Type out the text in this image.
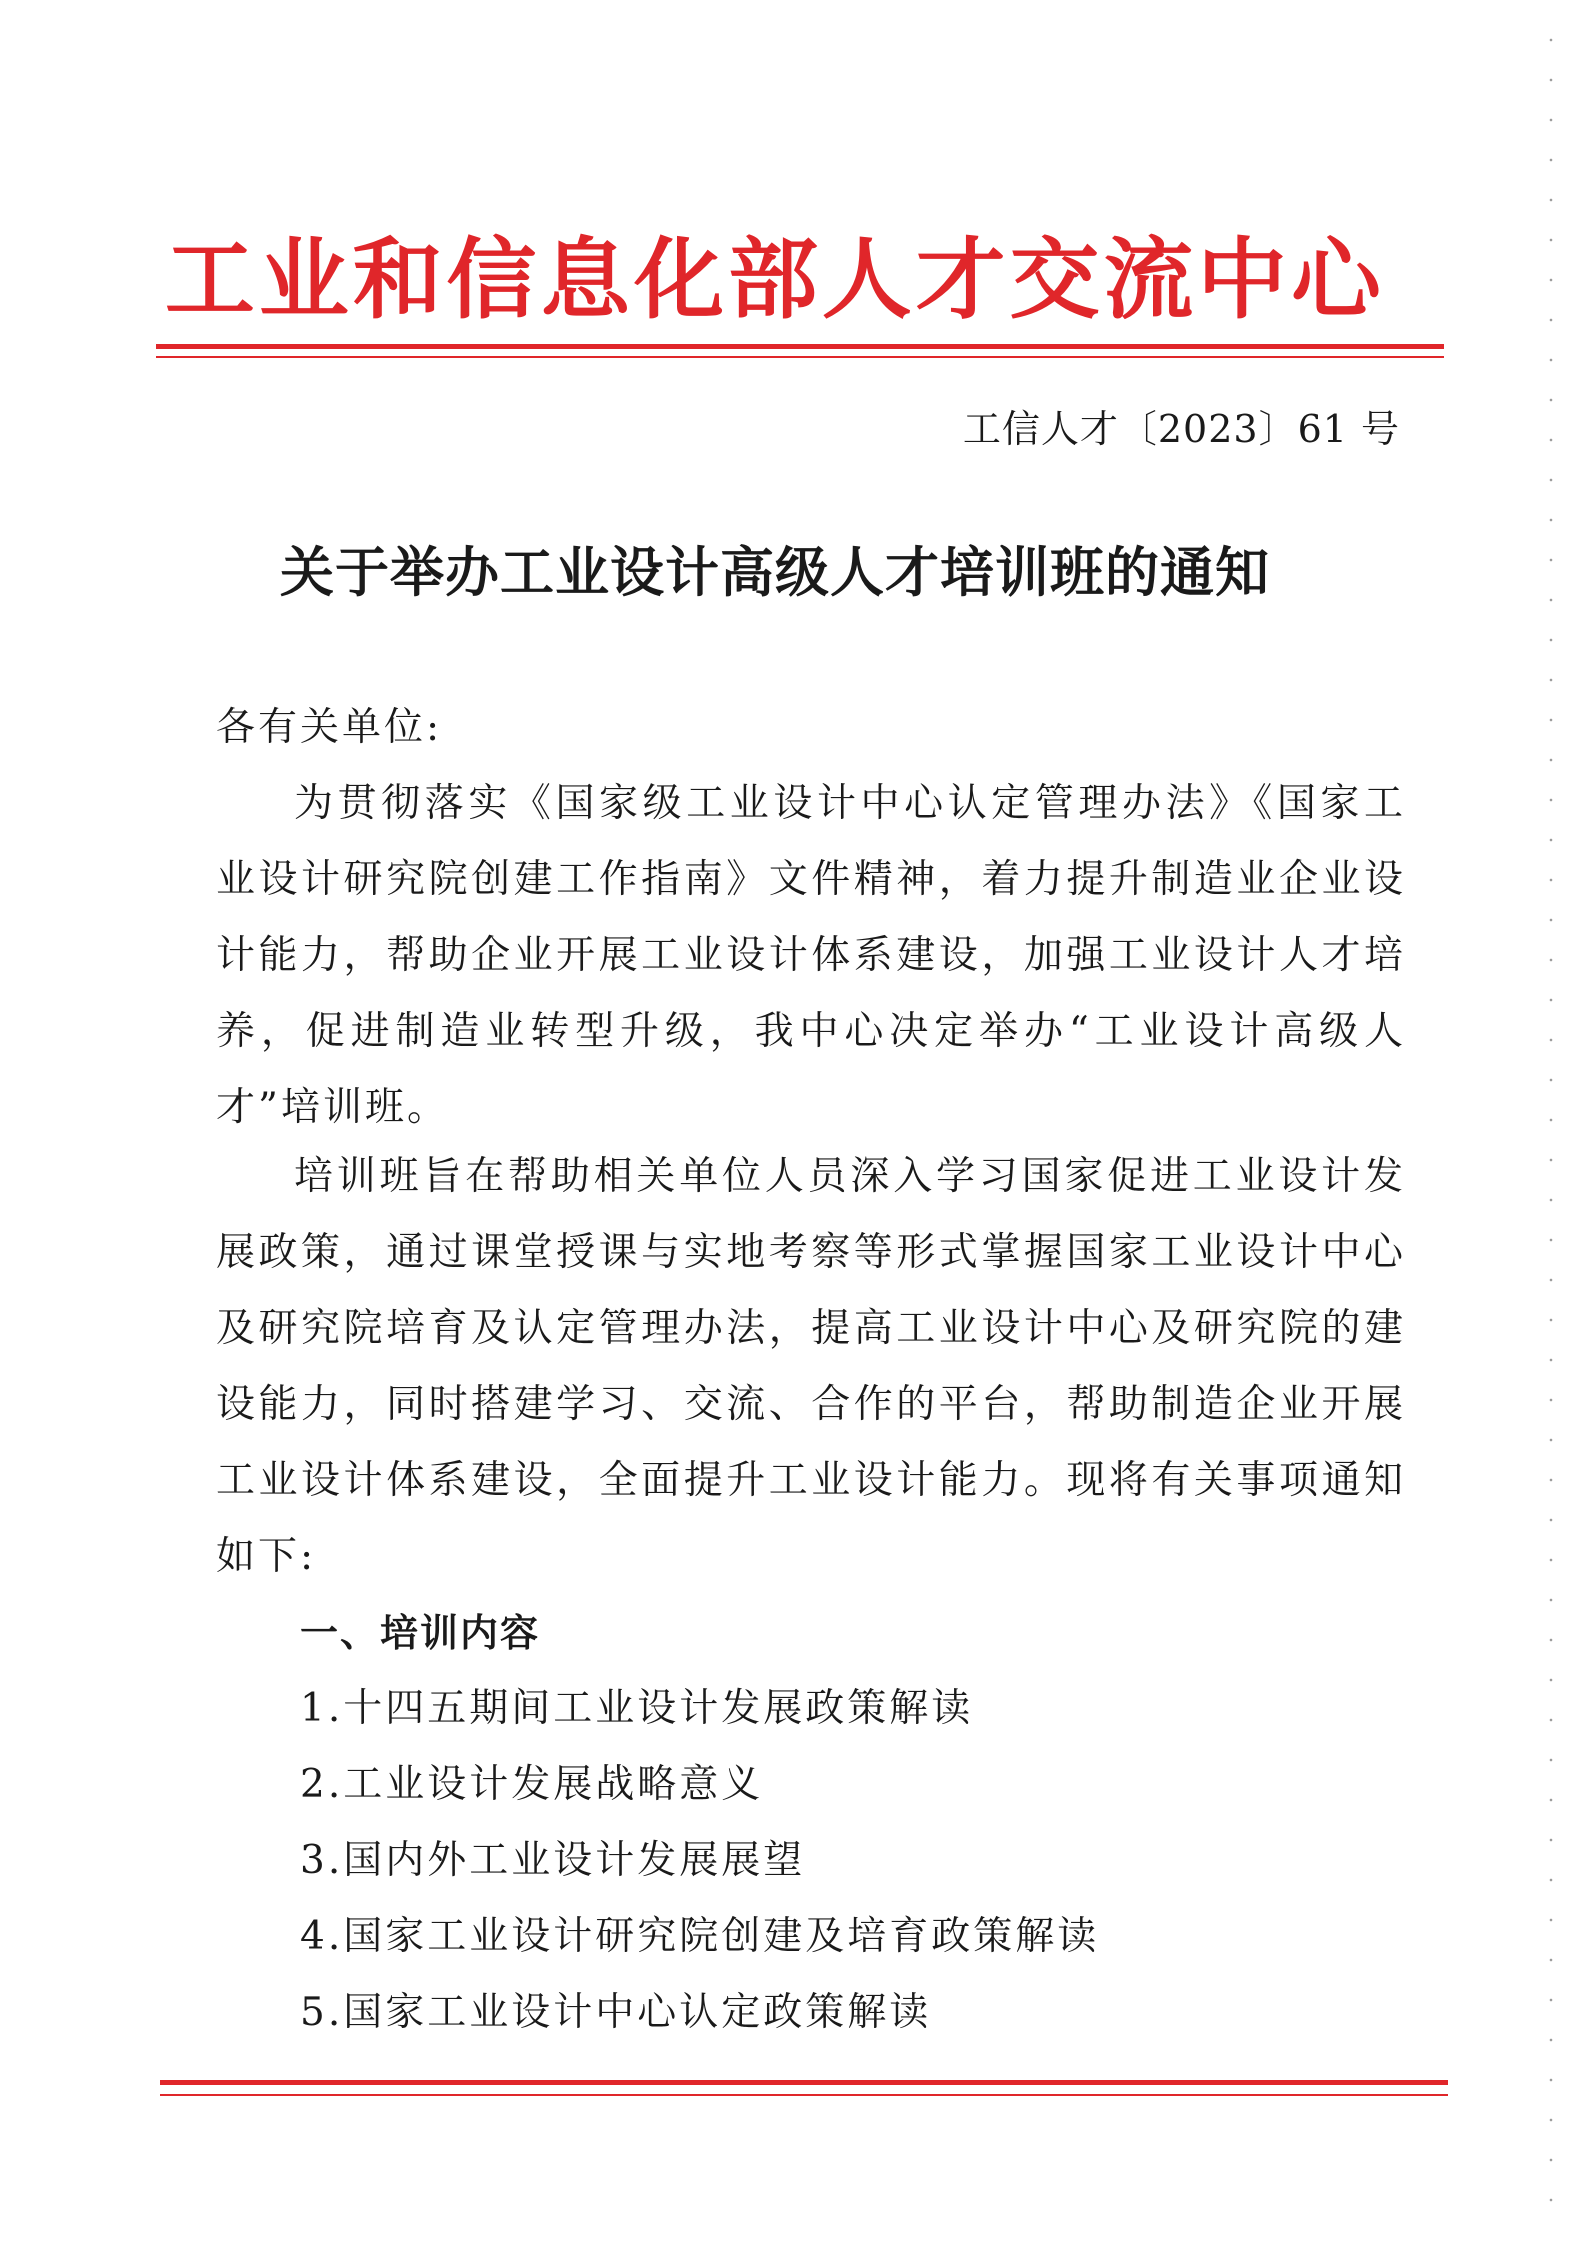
工业和信息化部人才交流中心
工信人才〔2023〕61 号
关于举办工业设计高级人才培训班的通知
各有关单位:

为贯彻落实《国家级工业设计中心认定管理办法》《国家工业设计研究院创建工作指南》文件精神，着力提升制造业企业设计能力，帮助企业开展工业设计体系建设，加强工业设计人才培养，促进制造业转型升级，我中心决定举办“工业设计高级人才”培训班。

培训班旨在帮助相关单位人员深入学习国家促进工业设计发展政策，通过课堂授课与实地考察等形式掌握国家工业设计中心及研究院培育及认定管理办法，提高工业设计中心及研究院的建设能力，同时搭建学习、交流、合作的平台，帮助制造企业开展工业设计体系建设，全面提升工业设计能力。现将有关事项通知如下:

一、培训内容
1.十四五期间工业设计发展政策解读
2.工业设计发展战略意义
3.国内外工业设计发展展望
4.国家工业设计研究院创建及培育政策解读
5.国家工业设计中心认定政策解读
